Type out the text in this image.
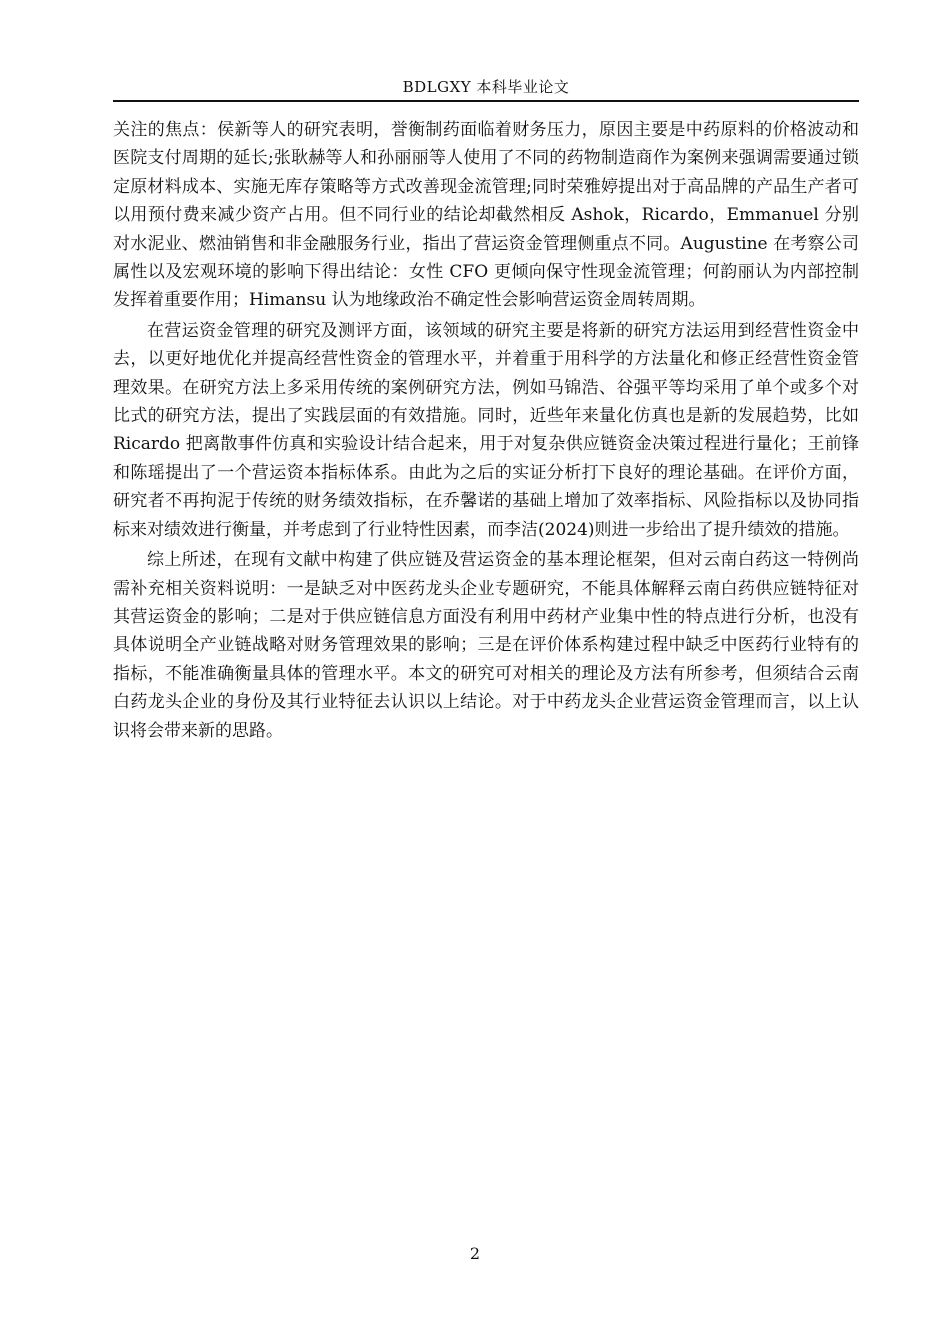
BDLGXY 本科毕业论文

关注的焦点：侯新等人的研究表明，誉衡制药面临着财务压力，原因主要是中药原料的价格波动和医院支付周期的延长;张耿赫等人和孙丽丽等人使用了不同的药物制造商作为案例来强调需要通过锁定原材料成本、实施无库存策略等方式改善现金流管理;同时荣雅婷提出对于高品牌的产品生产者可以用预付费来减少资产占用。但不同行业的结论却截然相反 Ashok，Ricardo，Emmanuel 分别对水泥业、燃油销售和非金融服务行业，指出了营运资金管理侧重点不同。Augustine 在考察公司属性以及宏观环境的影响下得出结论：女性 CFO 更倾向保守性现金流管理；何韵丽认为内部控制发挥着重要作用；Himansu 认为地缘政治不确定性会影响营运资金周转周期。

在营运资金管理的研究及测评方面，该领域的研究主要是将新的研究方法运用到经营性资金中去，以更好地优化并提高经营性资金的管理水平，并着重于用科学的方法量化和修正经营性资金管理效果。在研究方法上多采用传统的案例研究方法，例如马锦浩、谷强平等均采用了单个或多个对比式的研究方法，提出了实践层面的有效措施。同时，近些年来量化仿真也是新的发展趋势，比如 Ricardo 把离散事件仿真和实验设计结合起来，用于对复杂供应链资金决策过程进行量化；王前锋和陈瑶提出了一个营运资本指标体系。由此为之后的实证分析打下良好的理论基础。在评价方面，研究者不再拘泥于传统的财务绩效指标，在乔馨诺的基础上增加了效率指标、风险指标以及协同指标来对绩效进行衡量，并考虑到了行业特性因素，而李洁(2024)则进一步给出了提升绩效的措施。

综上所述，在现有文献中构建了供应链及营运资金的基本理论框架，但对云南白药这一特例尚需补充相关资料说明：一是缺乏对中医药龙头企业专题研究，不能具体解释云南白药供应链特征对其营运资金的影响；二是对于供应链信息方面没有利用中药材产业集中性的特点进行分析，也没有具体说明全产业链战略对财务管理效果的影响；三是在评价体系构建过程中缺乏中医药行业特有的指标，不能准确衡量具体的管理水平。本文的研究可对相关的理论及方法有所参考，但须结合云南白药龙头企业的身份及其行业特征去认识以上结论。对于中药龙头企业营运资金管理而言，以上认识将会带来新的思路。

2
